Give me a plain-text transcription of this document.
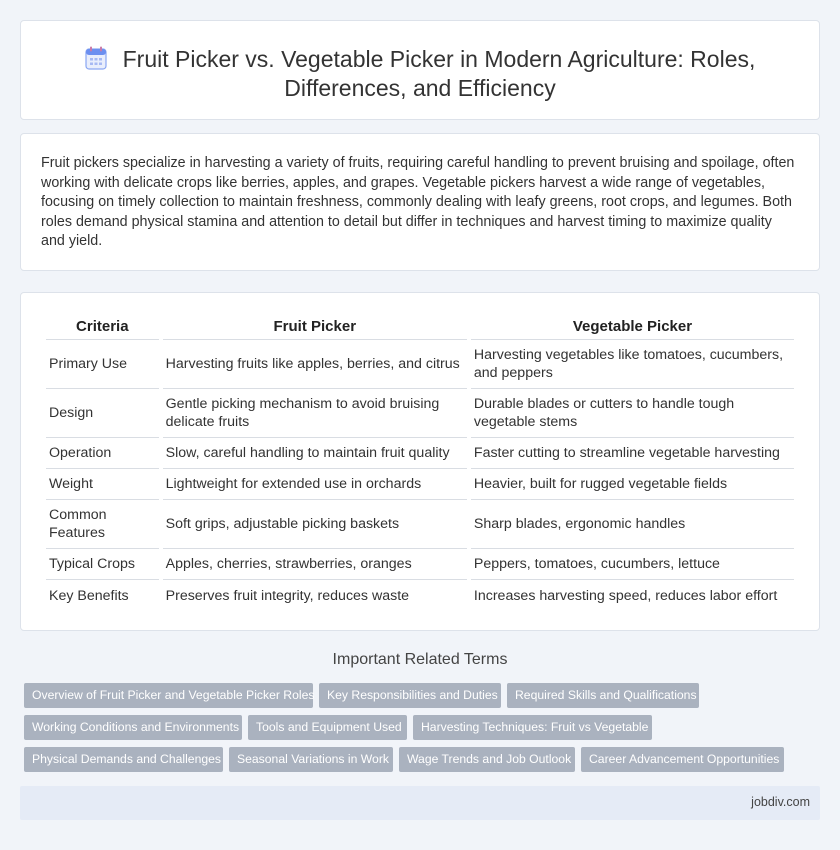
Fruit Picker vs. Vegetable Picker in Modern Agriculture: Roles,
Differences, and Efficiency

Fruit pickers specialize in harvesting a variety of fruits, requiring careful handling to prevent bruising and spoilage, often working with delicate crops like berries, apples, and grapes. Vegetable pickers harvest a wide range of vegetables, focusing on timely collection to maintain freshness, commonly dealing with leafy greens, root crops, and legumes. Both roles demand physical stamina and attention to detail but differ in techniques and harvest timing to maximize quality and yield.

Criteria	Fruit Picker	Vegetable Picker
Primary Use	Harvesting fruits like apples, berries, and citrus	Harvesting vegetables like tomatoes, cucumbers, and peppers
Design	Gentle picking mechanism to avoid bruising delicate fruits	Durable blades or cutters to handle tough vegetable stems
Operation	Slow, careful handling to maintain fruit quality	Faster cutting to streamline vegetable harvesting
Weight	Lightweight for extended use in orchards	Heavier, built for rugged vegetable fields
Common Features	Soft grips, adjustable picking baskets	Sharp blades, ergonomic handles
Typical Crops	Apples, cherries, strawberries, oranges	Peppers, tomatoes, cucumbers, lettuce
Key Benefits	Preserves fruit integrity, reduces waste	Increases harvesting speed, reduces labor effort
Important Related Terms
Overview of Fruit Picker and Vegetable Picker Roles	Key Responsibilities and Duties	Required Skills and Qualifications
Working Conditions and Environments	Tools and Equipment Used	Harvesting Techniques: Fruit vs Vegetable
Physical Demands and Challenges	Seasonal Variations in Work	Wage Trends and Job Outlook	Career Advancement Opportunities
jobdiv.com
